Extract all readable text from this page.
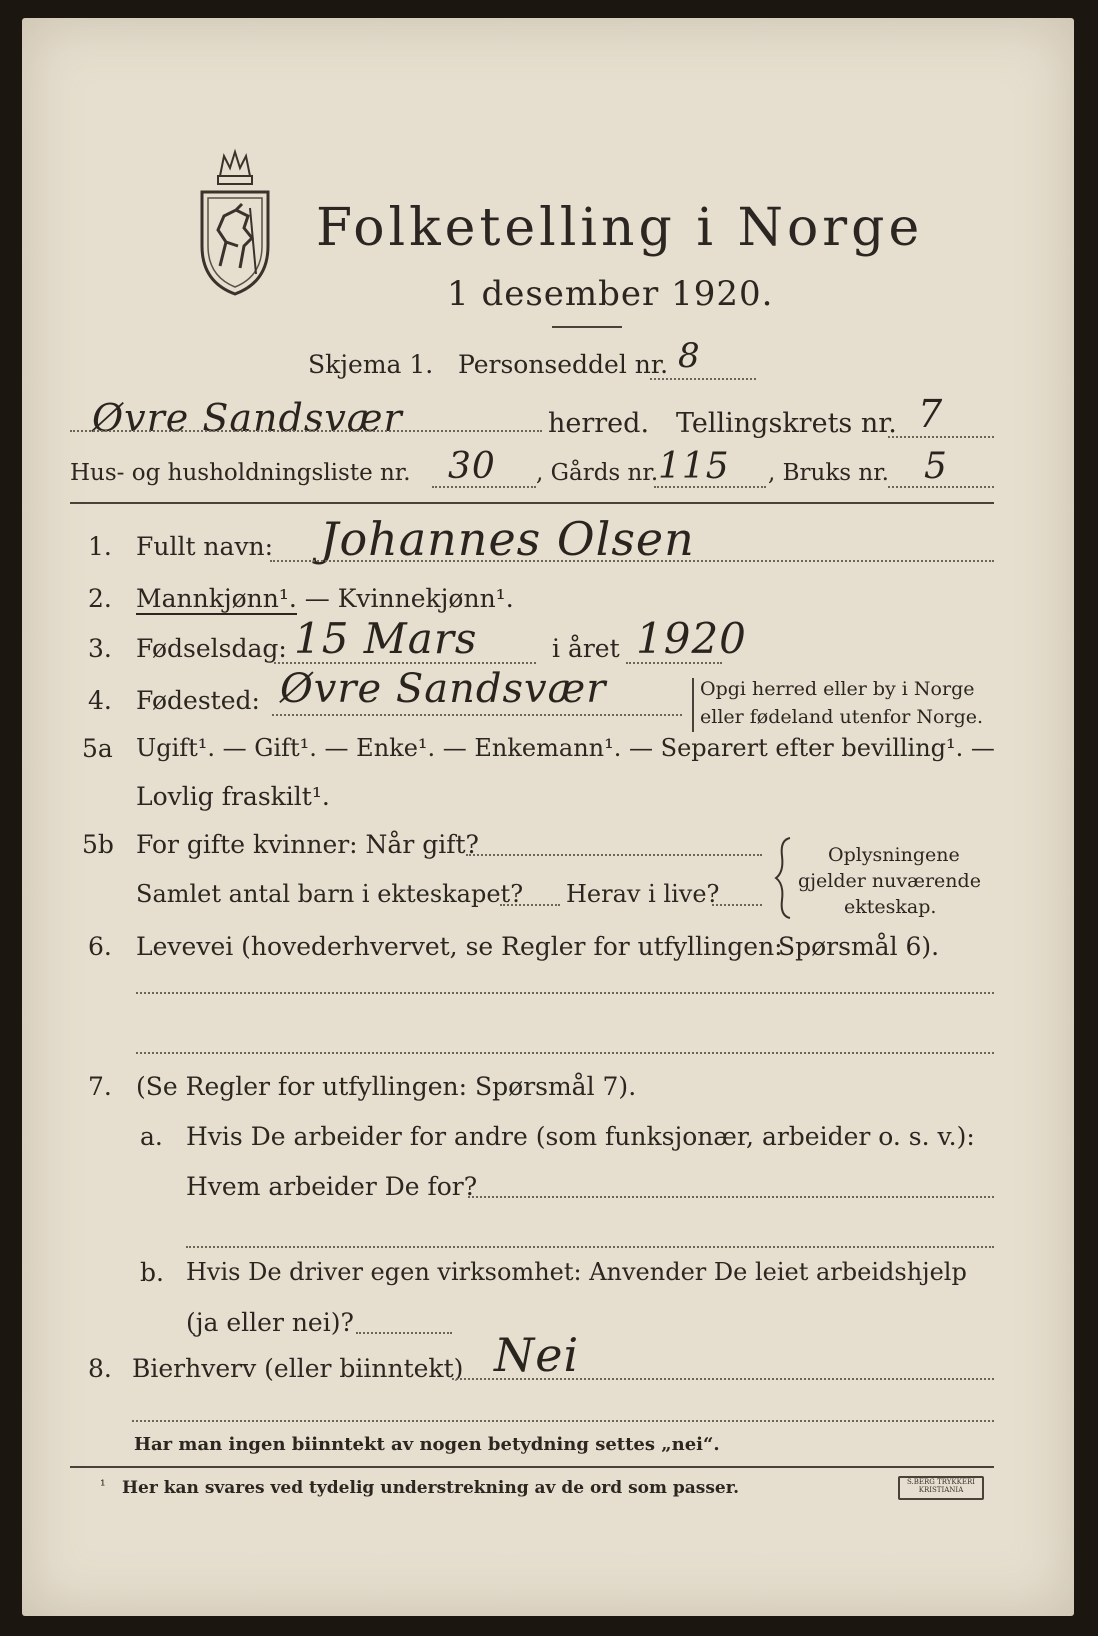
Folketelling i Norge
1 desember 1920.
Skjema 1. Personseddel nr. 8
Øvre Sandsvær	herred. Tellingskrets nr. 7
Hus- og husholdningsliste nr. 30 , Gårds nr. 115 , Bruks nr. 5
1. Fullt navn: Johannes Olsen
2. Mannkjønn¹. — Kvinnekjønn¹.
3. Fødselsdag: 15 Mars	i året 1920
4. Fødested: Øvre Sandsvær	Opgi herred eller by i Norge
eller fødeland utenfor Norge.
5a Ugift¹. — Gift¹. — Enke¹. — Enkemann¹. — Separert efter bevilling¹. —
Lovlig fraskilt¹.
5b For gifte kvinner: Når gift?
Samlet antal barn i ekteskapet? Herav i live?
Oplysningene
gjelder nuværende
ekteskap.
6. Levevei (hovederhvervet, se Regler for utfyllingen:
Spørsmål 6).
7. (Se Regler for utfyllingen: Spørsmål 7).
a. Hvis De arbeider for andre (som funksjonær, arbeider o. s. v.):
Hvem arbeider De for?
b. Hvis De driver egen virksomhet: Anvender De leiet arbeidshjelp
(ja eller nei)?
8. Bierhverv (eller biinntekt) Nei
Har man ingen biinntekt av nogen betydning settes „nei“.
¹ Her kan svares ved tydelig understrekning av de ord som passer.	S.BERG TRYKKERI
KRISTIANIA
